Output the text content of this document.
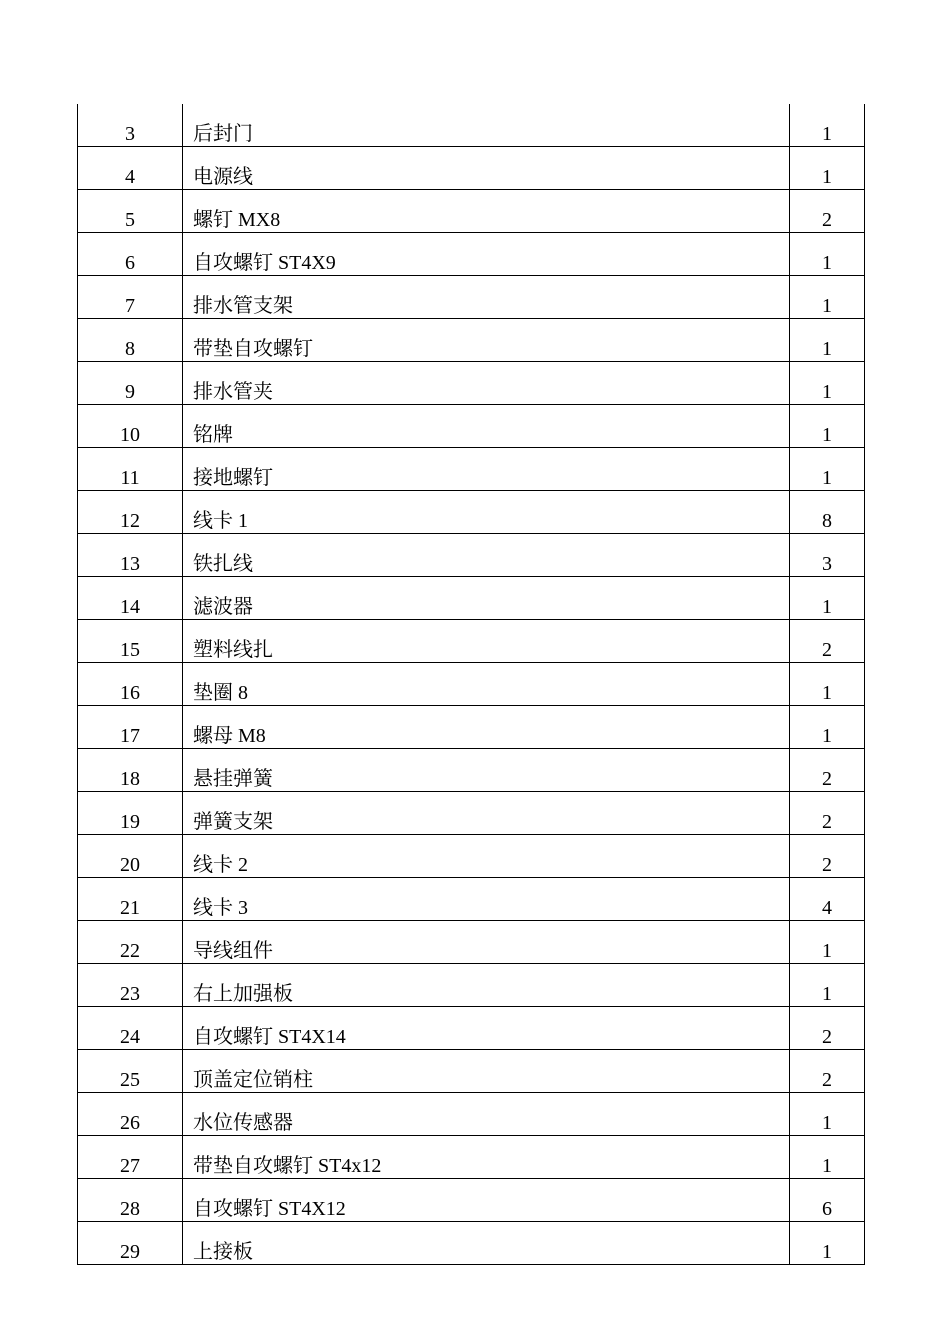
3	后封门	1
4	电源线	1
5	螺钉 MX8	2
6	自攻螺钉 ST4X9	1
7	排水管支架	1
8	带垫自攻螺钉	1
9	排水管夹	1
10	铭牌	1
11	接地螺钉	1
12	线卡 1	8
13	铁扎线	3
14	滤波器	1
15	塑料线扎	2
16	垫圈 8	1
17	螺母 M8	1
18	悬挂弹簧	2
19	弹簧支架	2
20	线卡 2	2
21	线卡 3	4
22	导线组件	1
23	右上加强板	1
24	自攻螺钉 ST4X14	2
25	顶盖定位销柱	2
26	水位传感器	1
27	带垫自攻螺钉 ST4x12	1
28	自攻螺钉 ST4X12	6
29	上接板	1
